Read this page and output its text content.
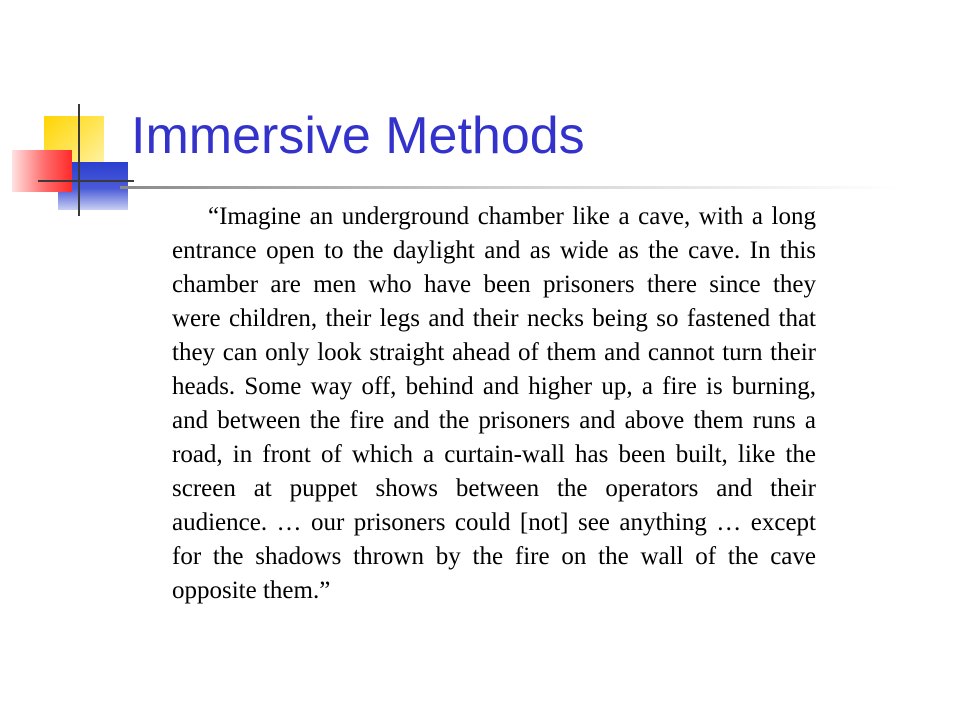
Immersive Methods

“Imagine an underground chamber like a cave, with a long entrance open to the daylight and as wide as the cave. In this chamber are men who have been prisoners there since they were children, their legs and their necks being so fastened that they can only look straight ahead of them and cannot turn their heads. Some way off, behind and higher up, a fire is burning, and between the fire and the prisoners and above them runs a road, in front of which a curtain-wall has been built, like the screen at puppet shows between the operators and their audience. … our prisoners could [not] see anything … except for the shadows thrown by the fire on the wall of the cave opposite them.”
